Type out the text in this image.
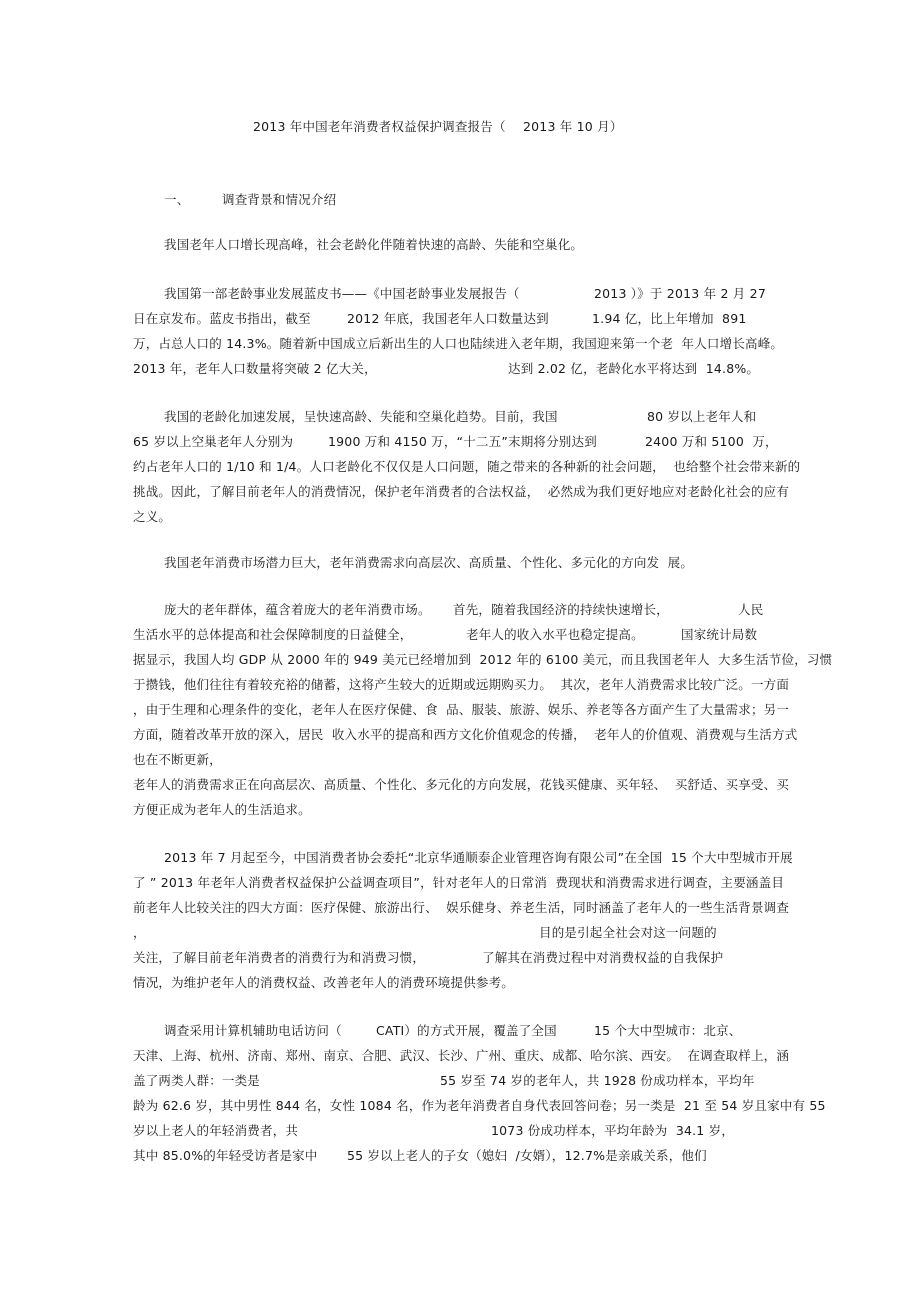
2013 年中国老年消费者权益保护调查报告（ 2013 年 10 月）
一、	调查背景和情况介绍
我国老年人口增长现高峰，社会老龄化伴随着快速的高龄、失能和空巢化。
我国第一部老龄事业发展蓝皮书——《中国老龄事业发展报告（	2013 ）》于 2013 年 2 月 27
日在京发布。蓝皮书指出，截至	2012 年底，我国老年人口数量达到	1.94 亿，比上年增加  891
万，占总人口的 14.3%。随着新中国成立后新出生的人口也陆续进入老年期，我国迎来第一个老  年人口增长高峰。
2013 年，老年人口数量将突破 2 亿大关，	达到 2.02 亿，老龄化水平将达到  14.8%。
我国的老龄化加速发展，呈快速高龄、失能和空巢化趋势。目前，我国	80 岁以上老年人和
65 岁以上空巢老年人分别为	1900 万和 4150 万，“十二五”末期将分别达到	2400 万和 5100  万，
约占老年人口的 1/10 和 1/4。人口老龄化不仅仅是人口问题，随之带来的各种新的社会问题，  也给整个社会带来新的
挑战。因此，了解目前老年人的消费情况，保护老年消费者的合法权益，  必然成为我们更好地应对老龄化社会的应有
之义。
我国老年消费市场潜力巨大，老年消费需求向高层次、高质量、个性化、多元化的方向发  展。
庞大的老年群体，蕴含着庞大的老年消费市场。 首先，随着我国经济的持续快速增长，	人民
生活水平的总体提高和社会保障制度的日益健全，	老年人的收入水平也稳定提高。	国家统计局数
据显示，我国人均 GDP 从 2000 年的 949 美元已经增加到  2012 年的 6100 美元，而且我国老年人  大多生活节俭，习惯
于攒钱，他们往往有着较充裕的储蓄，这将产生较大的近期或远期购买力。  其次，老年人消费需求比较广泛。一方面
，由于生理和心理条件的变化，老年人在医疗保健、食  品、服装、旅游、娱乐、养老等各方面产生了大量需求；另一
方面，随着改革开放的深入，居民  收入水平的提高和西方文化价值观念的传播，  老年人的价值观、消费观与生活方式
也在不断更新，
老年人的消费需求正在向高层次、高质量、个性化、多元化的方向发展，花钱买健康、买年轻、  买舒适、买享受、买
方便正成为老年人的生活追求。
2013 年 7 月起至今，中国消费者协会委托“北京华通顺泰企业管理咨询有限公司”在全国  15 个大中型城市开展
了 ” 2013 年老年人消费者权益保护公益调查项目”，针对老年人的日常消  费现状和消费需求进行调查，主要涵盖目
前老年人比较关注的四大方面：医疗保健、旅游出行、  娱乐健身、养老生活，同时涵盖了老年人的一些生活背景调查
，	目的是引起全社会对这一问题的
关注，了解目前老年消费者的消费行为和消费习惯，	了解其在消费过程中对消费权益的自我保护
情况，为维护老年人的消费权益、改善老年人的消费环境提供参考。
调查采用计算机辅助电话访问（	CATI）的方式开展，覆盖了全国	15 个大中型城市：北京、
天津、上海、杭州、济南、郑州、南京、合肥、武汉、长沙、广州、重庆、成都、哈尔滨、西安。  在调查取样上，涵
盖了两类人群：一类是	55 岁至 74 岁的老年人，共 1928 份成功样本，平均年
龄为 62.6 岁，其中男性 844 名，女性 1084 名，作为老年消费者自身代表回答问卷；另一类是  21 至 54 岁且家中有 55
岁以上老人的年轻消费者，共	1073 份成功样本，平均年龄为  34.1 岁，
其中 85.0%的年轻受访者是家中 55 岁以上老人的子女（媳妇  /女婿），12.7%是亲戚关系，他们
